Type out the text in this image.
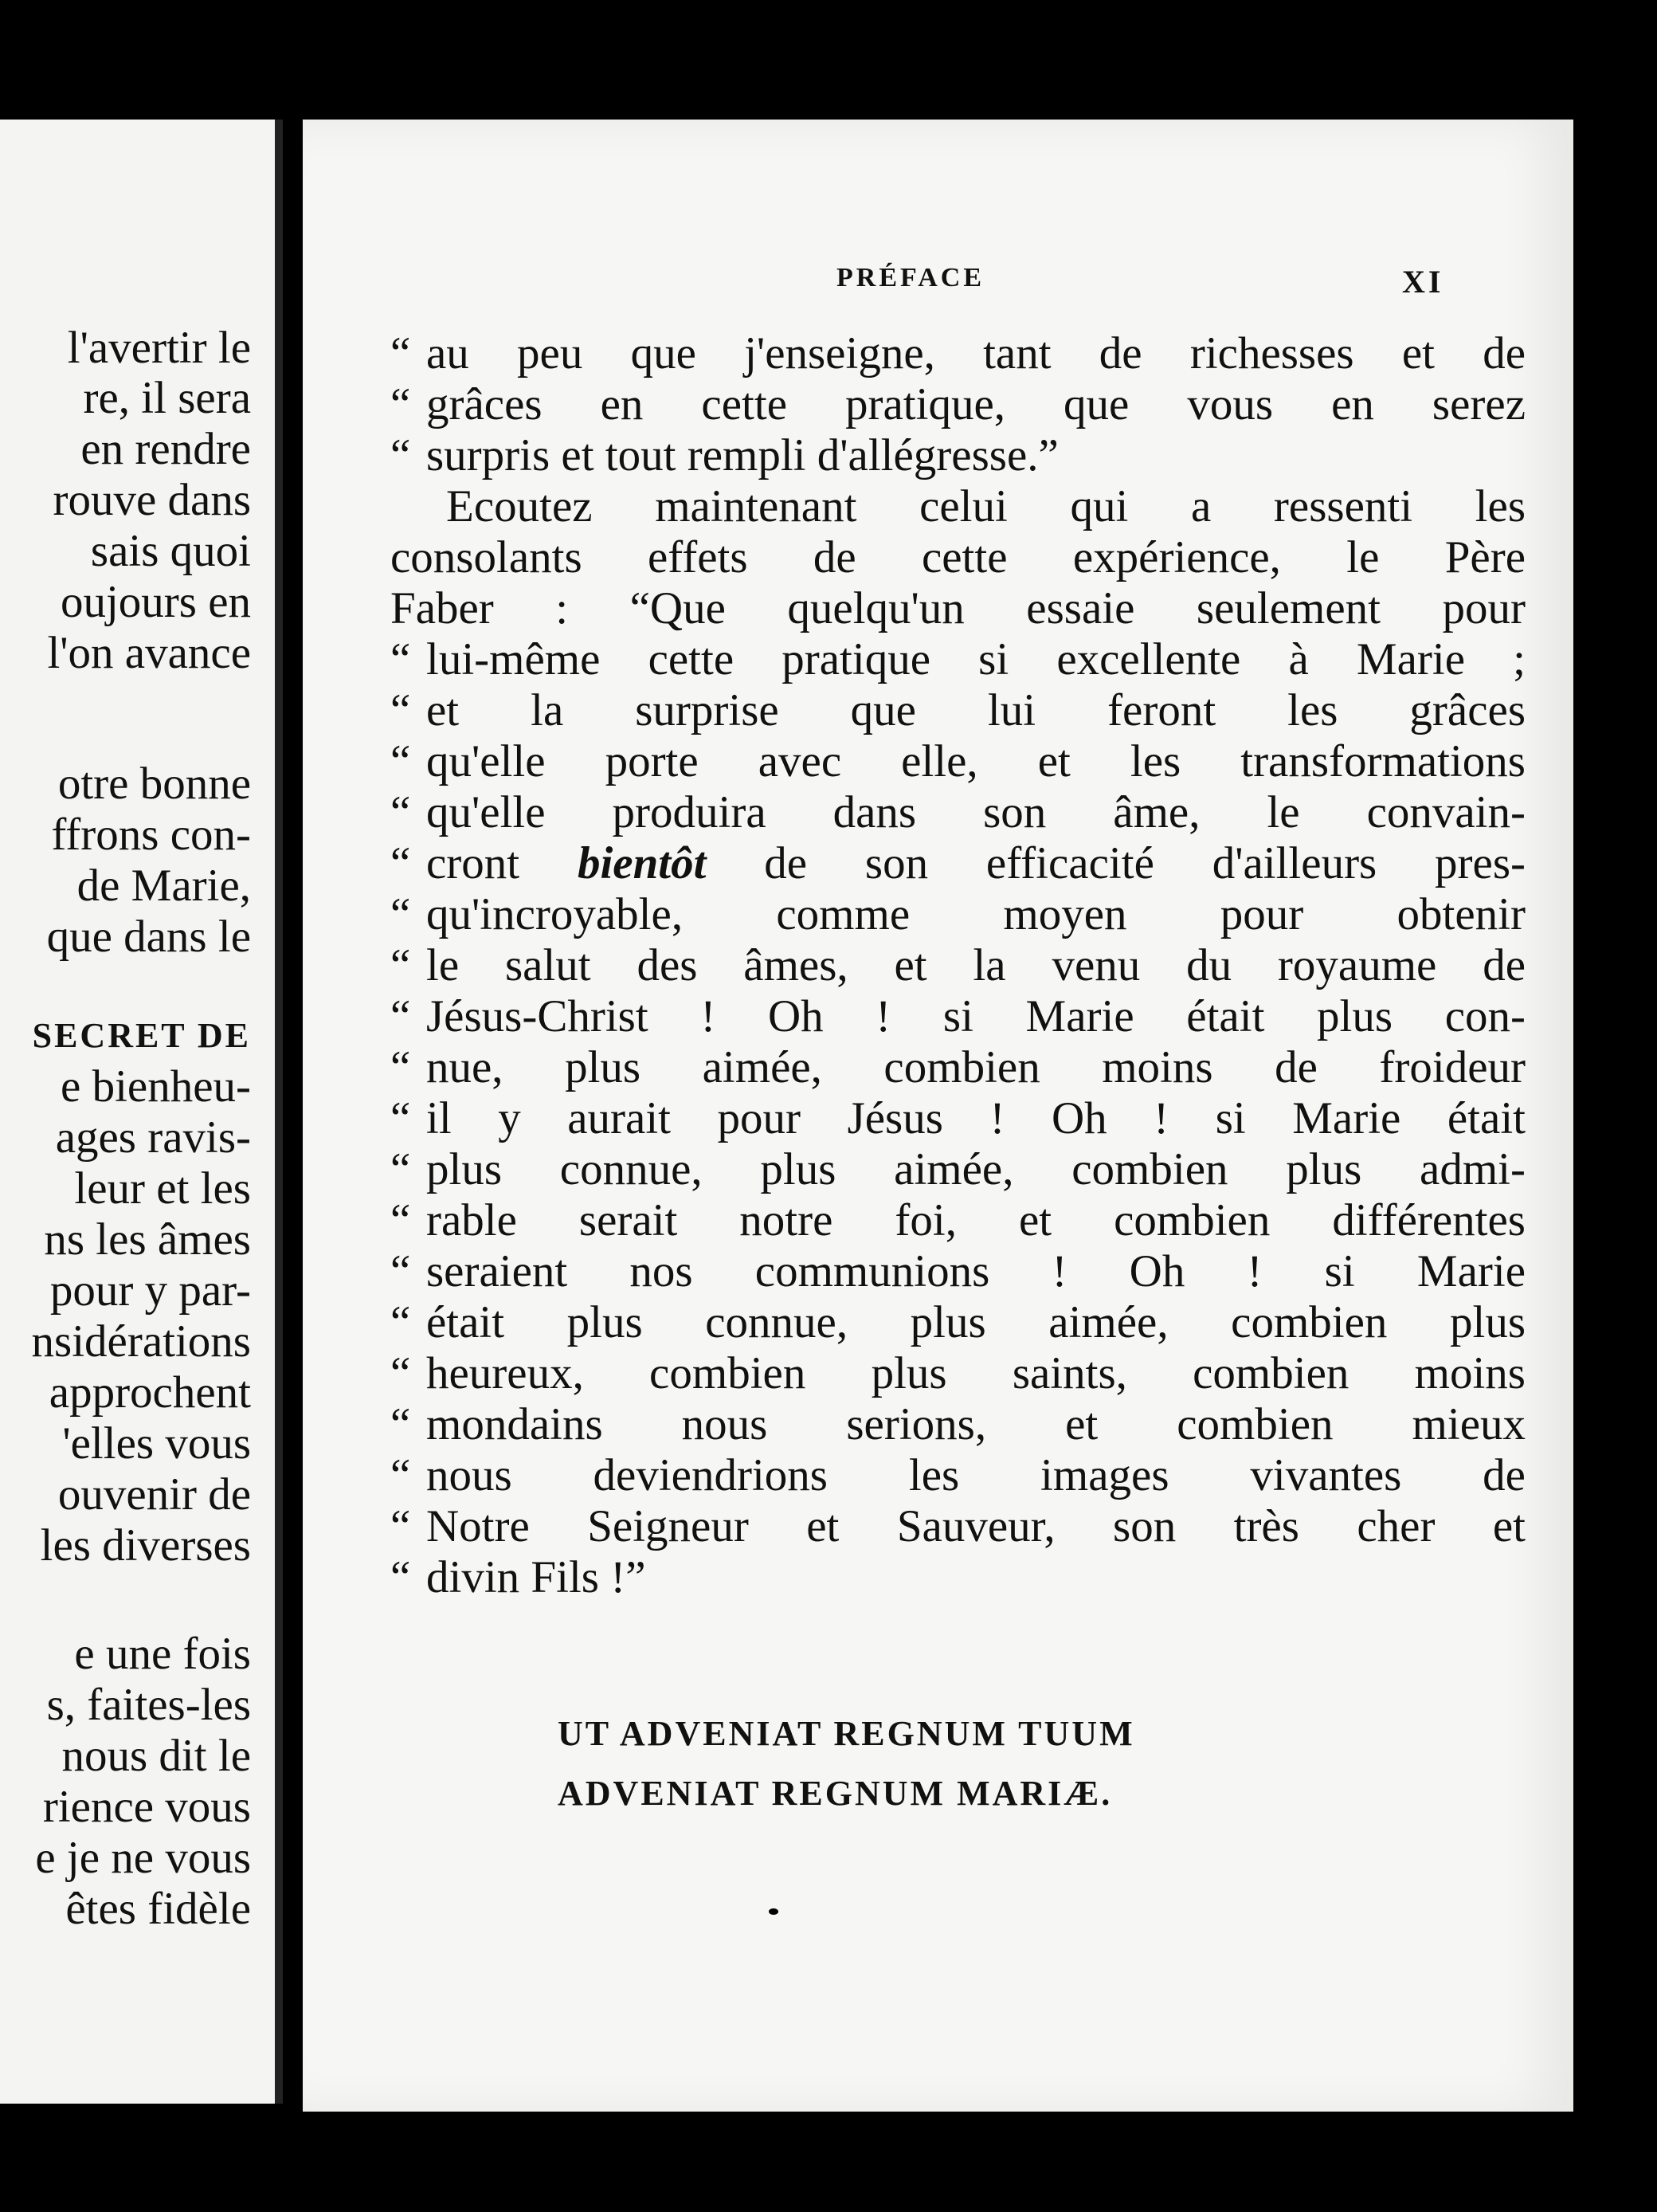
l'avertir le
re, il sera
en rendre
rouve dans
sais quoi
oujours en
l'on avance
otre bonne
ffrons con-
de Marie,
que dans le
SECRET DE
e bienheu-
ages ravis-
leur et les
ns les âmes
pour y par-
nsidérations
approchent
'elles vous
ouvenir de
les diverses
e une fois
s, faites-les
nous dit le
rience vous
e je ne vous
êtes fidèle
PRÉFACE	XI
“ au peu que j'enseigne, tant de richesses et de
“ grâces en cette pratique, que vous en serez
“ surpris et tout rempli d'allégresse.”
Ecoutez maintenant celui qui a ressenti les
consolants effets de cette expérience, le Père
Faber : “Que quelqu'un essaie seulement pour
“ lui-même cette pratique si excellente à Marie ;
“ et la surprise que lui feront les grâces
“ qu'elle porte avec elle, et les transformations
“ qu'elle produira dans son âme, le convain-
“ cront bientôt de son efficacité d'ailleurs pres-
“ qu'incroyable, comme moyen pour obtenir
“ le salut des âmes, et la venu du royaume de
“ Jésus-Christ ! Oh ! si Marie était plus con-
“ nue, plus aimée, combien moins de froideur
“ il y aurait pour Jésus ! Oh ! si Marie était
“ plus connue, plus aimée, combien plus admi-
“ rable serait notre foi, et combien différentes
“ seraient nos communions ! Oh ! si Marie
“ était plus connue, plus aimée, combien plus
“ heureux, combien plus saints, combien moins
“ mondains nous serions, et combien mieux
“ nous deviendrions les images vivantes de
“ Notre Seigneur et Sauveur, son très cher et
“ divin Fils !”
UT ADVENIAT REGNUM TUUM
ADVENIAT REGNUM MARIÆ.
